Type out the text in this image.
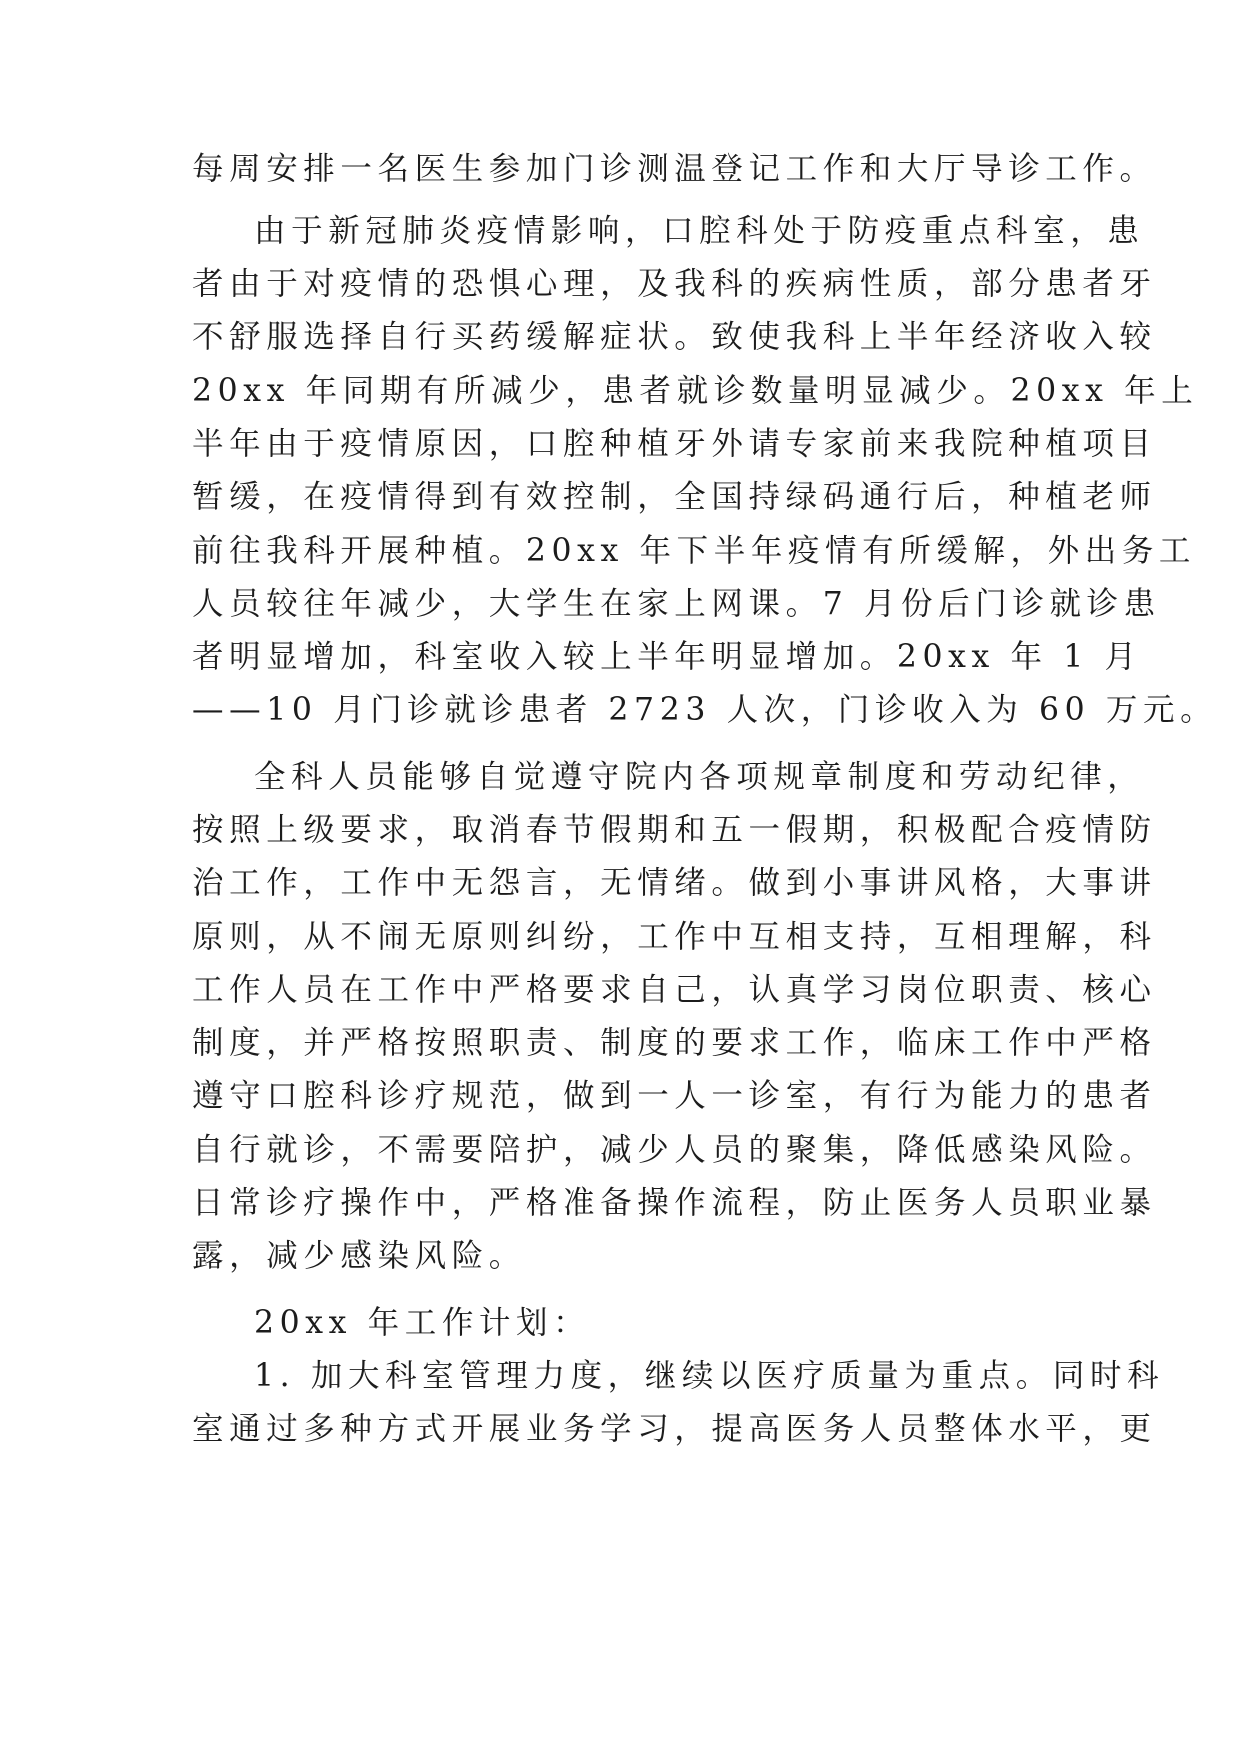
每周安排一名医生参加门诊测温登记工作和大厅导诊工作。
由于新冠肺炎疫情影响，口腔科处于防疫重点科室，患
者由于对疫情的恐惧心理，及我科的疾病性质，部分患者牙
不舒服选择自行买药缓解症状。致使我科上半年经济收入较
20xx 年同期有所减少，患者就诊数量明显减少。20xx 年上
半年由于疫情原因，口腔种植牙外请专家前来我院种植项目
暂缓，在疫情得到有效控制，全国持绿码通行后，种植老师
前往我科开展种植。20xx 年下半年疫情有所缓解，外出务工
人员较往年减少，大学生在家上网课。7 月份后门诊就诊患
者明显增加，科室收入较上半年明显增加。20xx 年 1 月
——10 月门诊就诊患者 2723 人次，门诊收入为 60 万元。
全科人员能够自觉遵守院内各项规章制度和劳动纪律，
按照上级要求，取消春节假期和五一假期，积极配合疫情防
治工作，工作中无怨言，无情绪。做到小事讲风格，大事讲
原则，从不闹无原则纠纷，工作中互相支持，互相理解，科
工作人员在工作中严格要求自己，认真学习岗位职责、核心
制度，并严格按照职责、制度的要求工作，临床工作中严格
遵守口腔科诊疗规范，做到一人一诊室，有行为能力的患者
自行就诊，不需要陪护，减少人员的聚集，降低感染风险。
日常诊疗操作中，严格准备操作流程，防止医务人员职业暴
露，减少感染风险。
20xx 年工作计划：
1. 加大科室管理力度，继续以医疗质量为重点。同时科
室通过多种方式开展业务学习，提高医务人员整体水平，更
